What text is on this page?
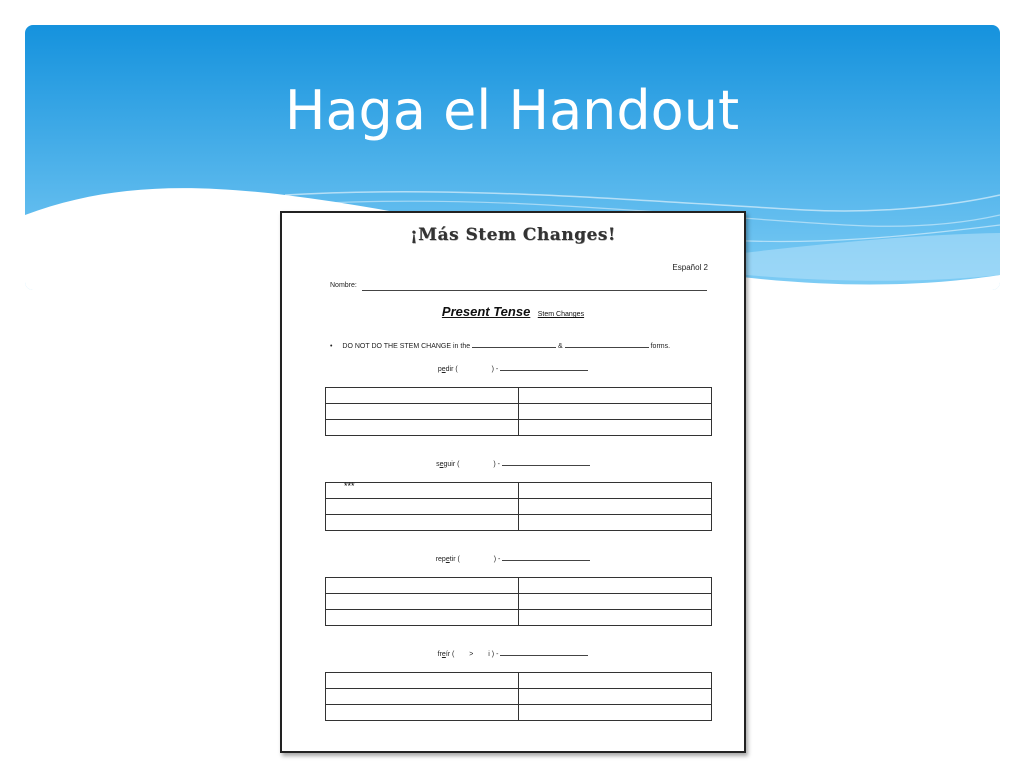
Haga el Handout
¡Más Stem Changes!
Español 2
Nombre:
Present Tense Stem Changes
• DO NOT DO THE STEM CHANGE in the	&	forms.
pedir (	) -

seguir (	) -
***	

repetir (	) -

freír ( > i ) -
